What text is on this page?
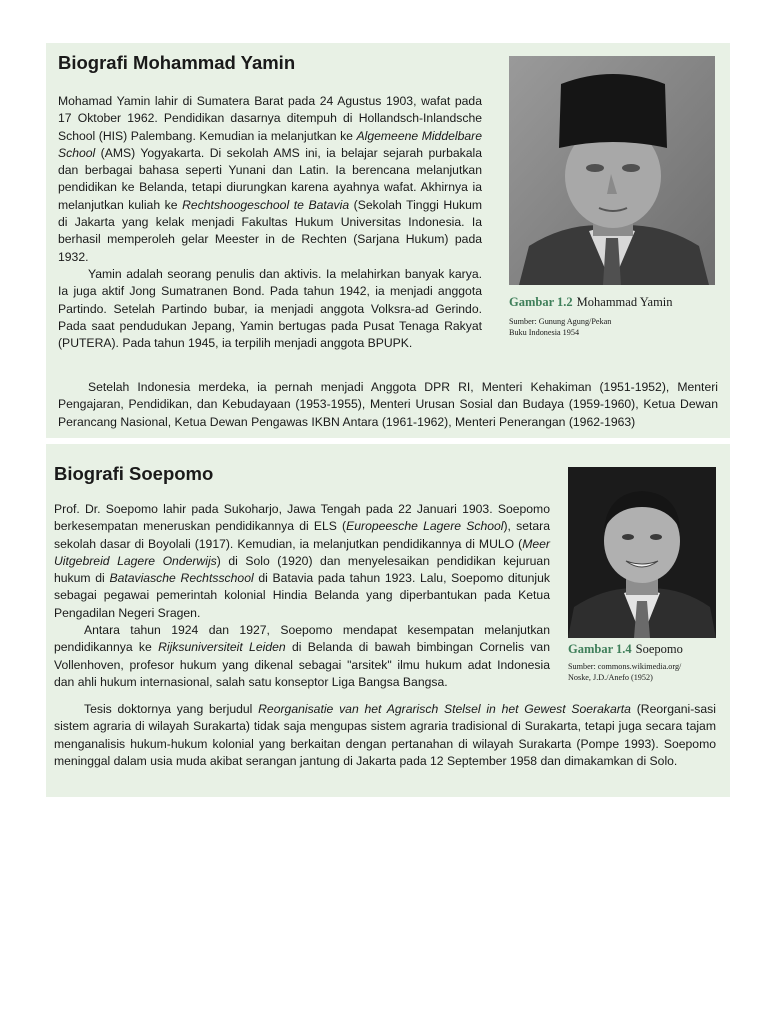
Biografi Mohammad Yamin

Mohamad Yamin lahir di Sumatera Barat pada 24 Agustus 1903, wafat pada 17 Oktober 1962. Pendidikan dasarnya ditempuh di Hollandsch-Inlandsche School (HIS) Palembang. Kemudian ia melanjutkan ke Algemeene Middelbare School (AMS) Yogyakarta. Di sekolah AMS ini, ia belajar sejarah purbakala dan berbagai bahasa seperti Yunani dan Latin. Ia berencana melanjutkan pendidikan ke Belanda, tetapi diurungkan karena ayahnya wafat. Akhirnya ia melanjutkan kuliah ke Rechtshoogeschool te Batavia (Sekolah Tinggi Hukum di Jakarta yang kelak menjadi Fakultas Hukum Universitas Indonesia. Ia berhasil memperoleh gelar Meester in de Rechten (Sarjana Hukum) pada 1932.

Yamin adalah seorang penulis dan aktivis. Ia melahirkan banyak karya. Ia juga aktif Jong Sumatranen Bond. Pada tahun 1942, ia menjadi anggota Partindo. Setelah Partindo bubar, ia menjadi anggota Volksra-ad Gerindo. Pada saat pendudukan Jepang, Yamin bertugas pada Pusat Tenaga Rakyat (PUTERA). Pada tahun 1945, ia terpilih menjadi anggota BPUPK.

Setelah Indonesia merdeka, ia pernah menjadi Anggota DPR RI, Menteri Kehakiman (1951-1952), Menteri Pengajaran, Pendidikan, dan Kebudayaan (1953-1955), Menteri Urusan Sosial dan Budaya (1959-1960), Ketua Dewan Perancang Nasional, Ketua Dewan Pengawas IKBN Antara (1961-1962), Menteri Penerangan (1962-1963)

Gambar 1.2 Mohammad Yamin
Sumber: Gunung Agung/Pekan
Buku Indonesia 1954
Biografi Soepomo

Prof. Dr. Soepomo lahir pada Sukoharjo, Jawa Tengah pada 22 Januari 1903. Soepomo berkesempatan meneruskan pendidikannya di ELS (Europeesche Lagere School), setara sekolah dasar di Boyolali (1917). Kemudian, ia melanjutkan pendidikannya di MULO (Meer Uitgebreid Lagere Onderwijs) di Solo (1920) dan menyelesaikan pendidikan kejuruan hukum di Bataviasche Rechtsschool di Batavia pada tahun 1923. Lalu, Soepomo ditunjuk sebagai pegawai pemerintah kolonial Hindia Belanda yang diperbantukan pada Ketua Pengadilan Negeri Sragen.

Antara tahun 1924 dan 1927, Soepomo mendapat kesempatan melanjutkan pendidikannya ke Rijksuniversiteit Leiden di Belanda di bawah bimbingan Cornelis van Vollenhoven, profesor hukum yang dikenal sebagai "arsitek" ilmu hukum adat Indonesia dan ahli hukum internasional, salah satu konseptor Liga Bangsa Bangsa.

Tesis doktornya yang berjudul Reorganisatie van het Agrarisch Stelsel in het Gewest Soerakarta (Reorgani-sasi sistem agraria di wilayah Surakarta) tidak saja mengupas sistem agraria tradisional di Surakarta, tetapi juga secara tajam menganalisis hukum-hukum kolonial yang berkaitan dengan pertanahan di wilayah Surakarta (Pompe 1993). Soepomo meninggal dalam usia muda akibat serangan jantung di Jakarta pada 12 September 1958 dan dimakamkan di Solo.

Gambar 1.4 Soepomo
Sumber: commons.wikimedia.org/
Noske, J.D./Anefo (1952)
